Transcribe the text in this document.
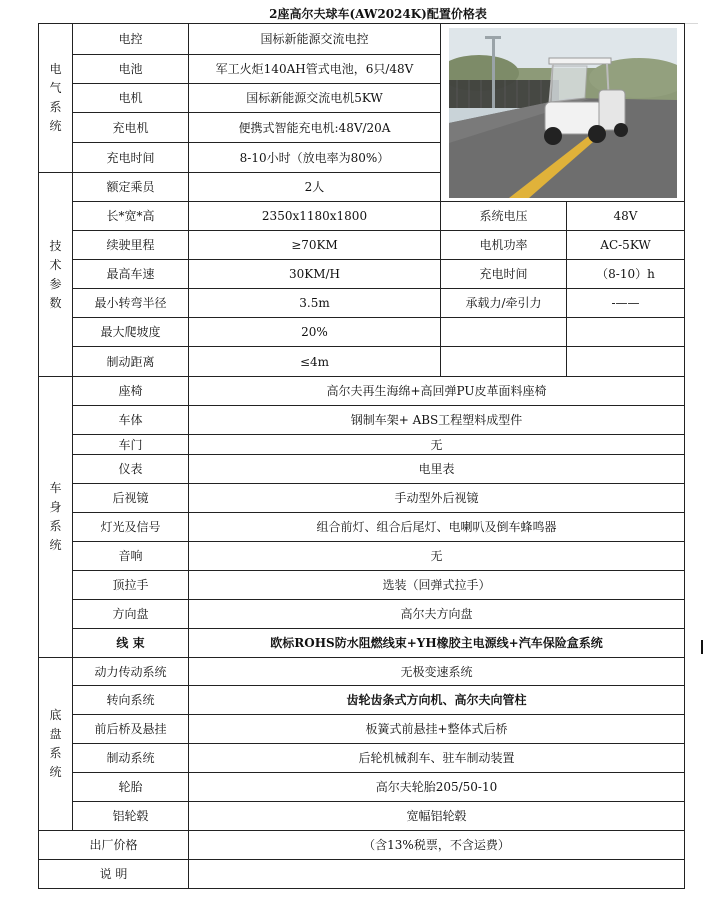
2座高尔夫球车(AW2024K)配置价格表
电
气
系
统	电控	国标新能源交流电控	

	电池	军工火炬140AH管式电池，6只/48V		
	电机	国标新能源交流电机5KW		
	充电机	便携式智能充电机:48V/20A		
	充电时间	8-10小时（放电率为80%）		

技
术
参
数	额定乘员	2人		
	长*宽*高	2350x1180x1800	系统电压	48V
	续驶里程	≥70KM	电机功率	AC-5KW
	最高车速	30KM/H	充电时间	（8-10）h
	最小转弯半径	3.5m	承载力/牵引力	-——
	最大爬坡度	20%		
	制动距离	≤4m		

车
身
系
统	座椅	高尔夫再生海绵+高回弹PU皮革面料座椅		
	车体	钢制车架+ ABS工程塑料成型件		
	车门	无		
	仪表	电里表		
	后视镜	手动型外后视镜		
	灯光及信号	组合前灯、组合后尾灯、电喇叭及倒车蜂鸣器		
	音响	无		
	顶拉手	选装（回弹式拉手）		
	方向盘	高尔夫方向盘		
	线 束	欧标ROHS防水阻燃线束+YH橡胶主电源线+汽车保险盒系统		

底
盘
系
统	动力传动系统	无极变速系统		
	转向系统	齿轮齿条式方向机、高尔夫向管柱		
	前后桥及悬挂	板簧式前悬挂+整体式后桥		
	制动系统	后轮机械刹车、驻车制动装置		
	轮胎	高尔夫轮胎205/50-10		
	铝轮毂	宽幅铝轮毂		
出厂价格		（含13%税票，不含运费）		
说 明				
